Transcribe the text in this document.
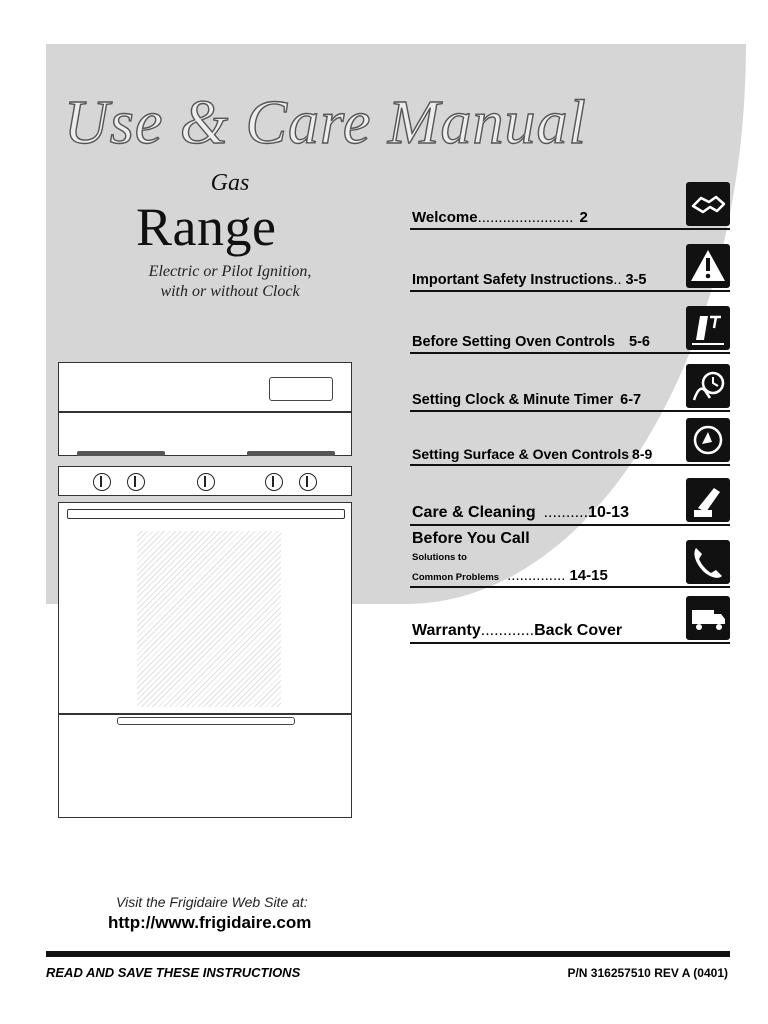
Use & Care Manual
Gas
Range
Electric or Pilot Ignition,
with or without Clock
Welcome....................... 2
Important Safety Instructions.. 3-5
Before Setting Oven Controls 5-6
Setting Clock & Minute Timer 6-7
Setting Surface & Oven Controls 8-9
Care & Cleaning ..........10-13
Before You Call
Solutions to
Common Problems .............. 14-15
Warranty............Back Cover
Visit the Frigidaire Web Site at:
http://www.frigidaire.com
READ AND SAVE THESE INSTRUCTIONS	P/N 316257510 REV A (0401)
